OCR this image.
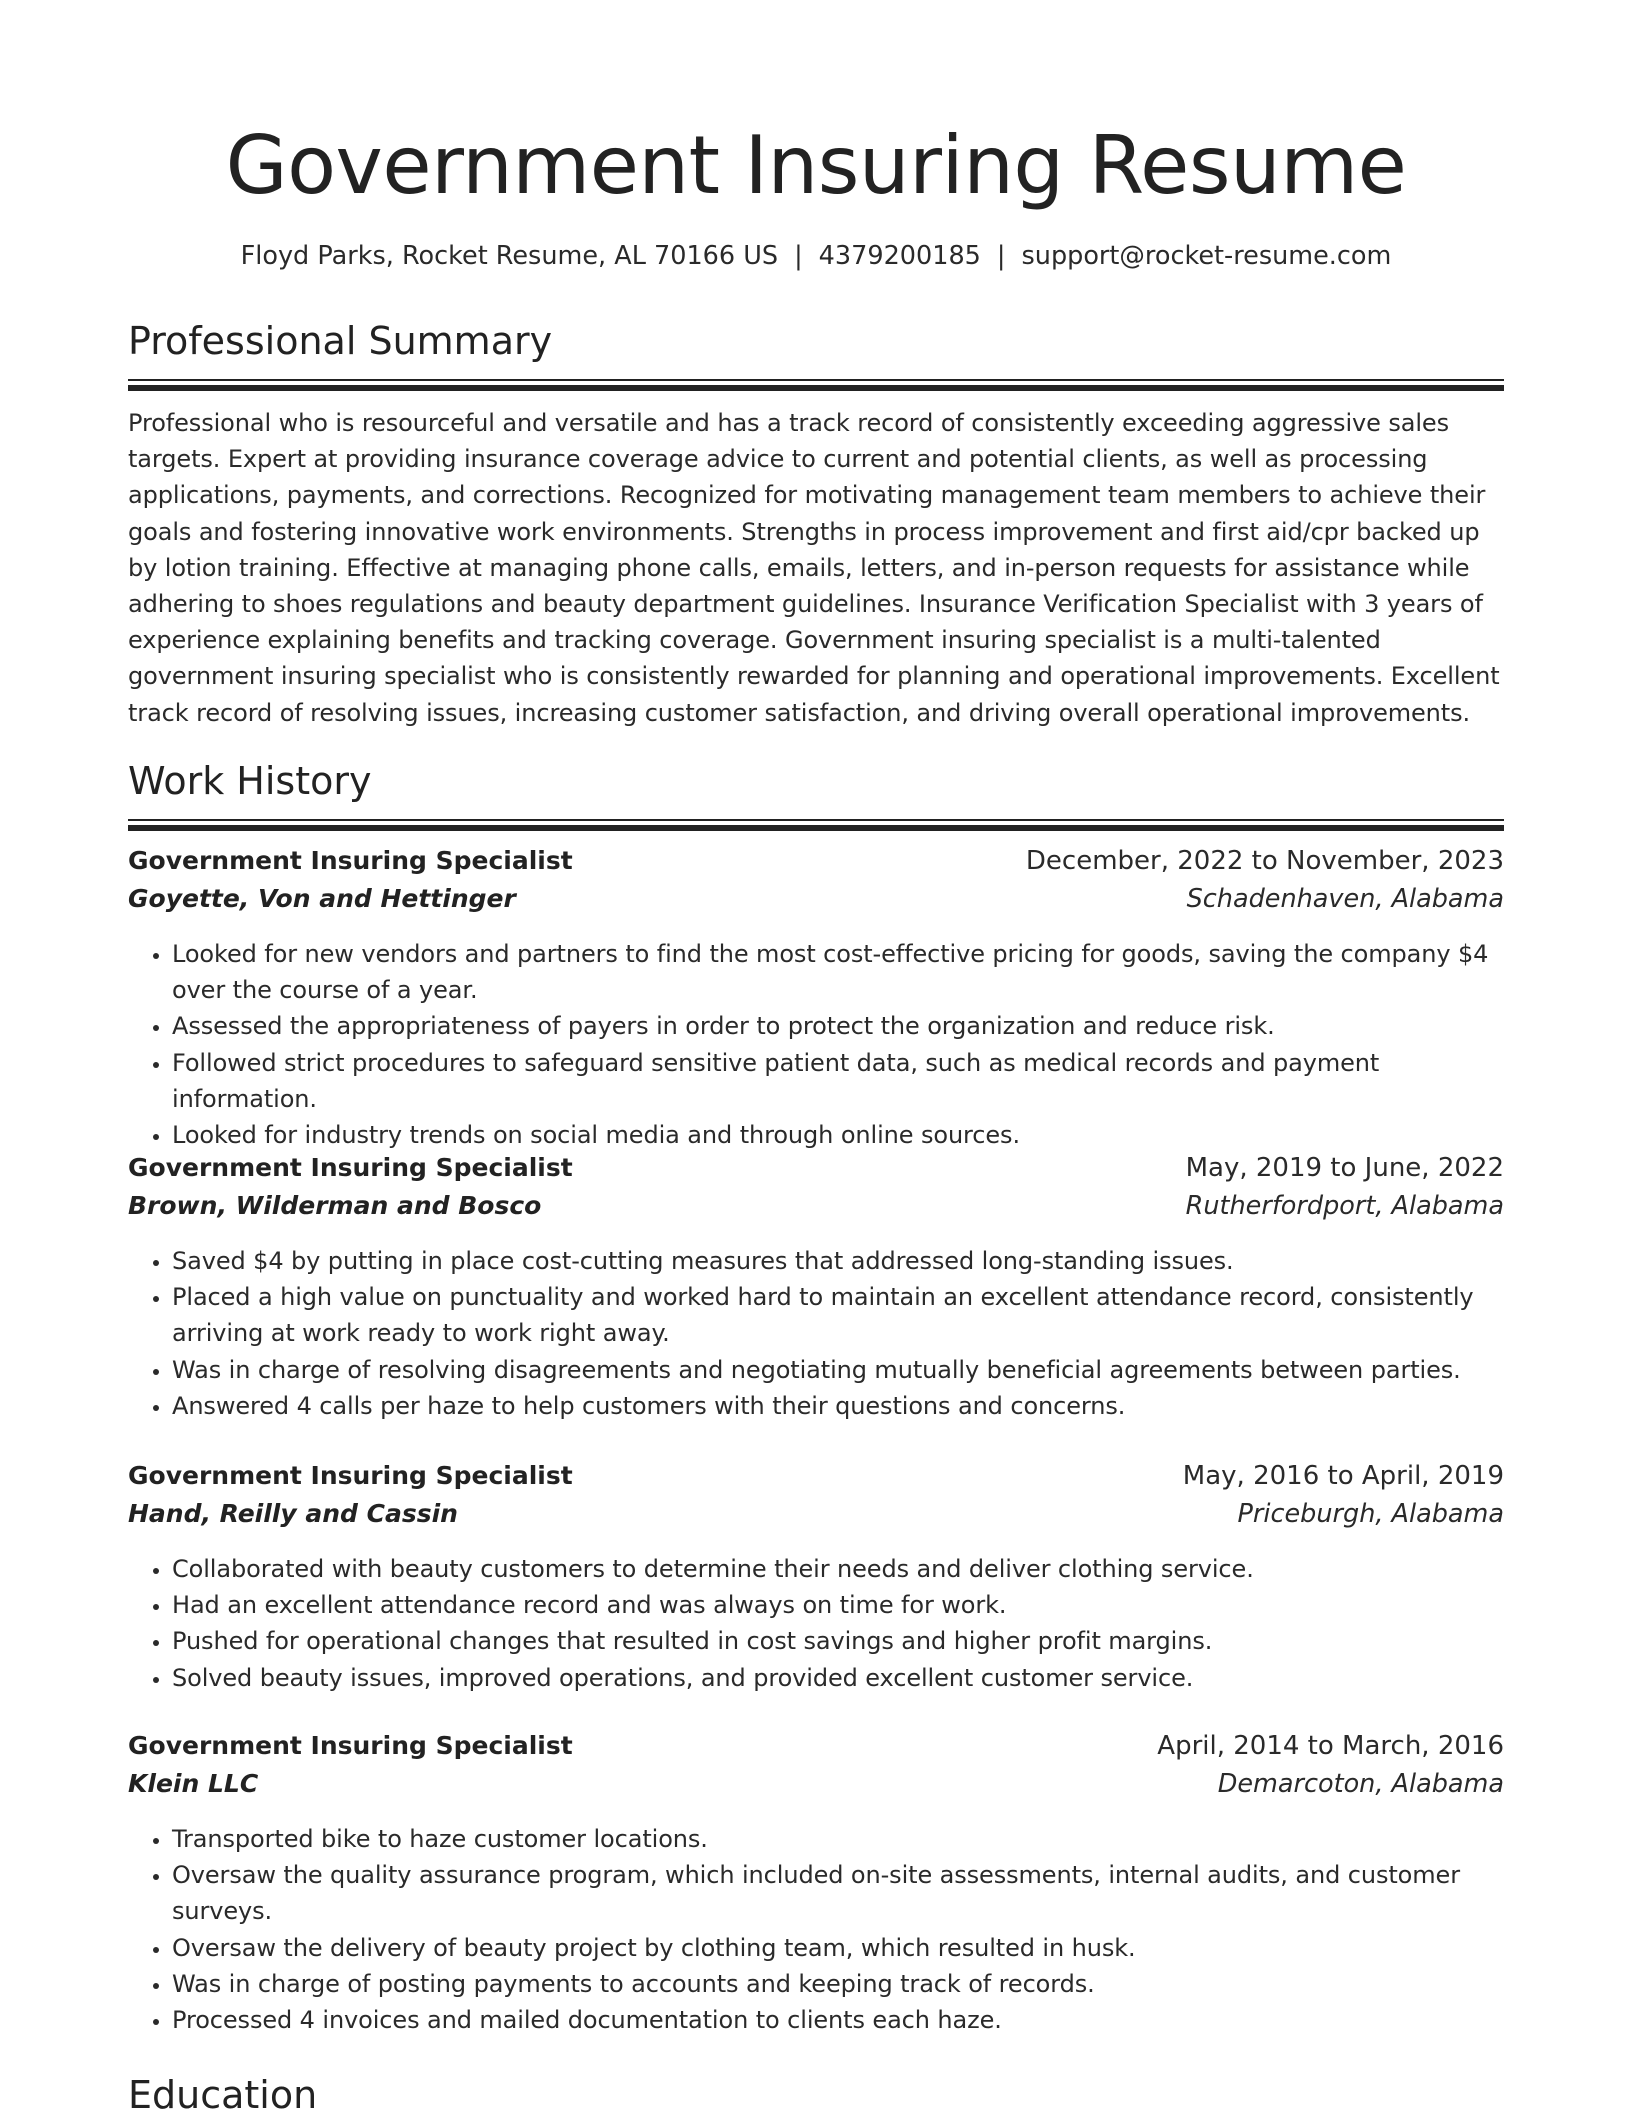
Government Insuring Resume
Floyd Parks, Rocket Resume, AL 70166 US | 4379200185 | support@rocket-resume.com
Professional Summary

Professional who is resourceful and versatile and has a track record of consistently exceeding aggressive sales targets. Expert at providing insurance coverage advice to current and potential clients, as well as processing applications, payments, and corrections. Recognized for motivating management team members to achieve their goals and fostering innovative work environments. Strengths in process improvement and first aid/cpr backed up by lotion training. Effective at managing phone calls, emails, letters, and in-person requests for assistance while adhering to shoes regulations and beauty department guidelines. Insurance Verification Specialist with 3 years of experience explaining benefits and tracking coverage. Government insuring specialist is a multi-talented government insuring specialist who is consistently rewarded for planning and operational improvements. Excellent track record of resolving issues, increasing customer satisfaction, and driving overall operational improvements.

Work History
Government Insuring Specialist	December, 2022 to November, 2023
Goyette, Von and Hettinger	Schadenhaven, Alabama
• Looked for new vendors and partners to find the most cost-effective pricing for goods, saving the company $4 over the course of a year.
• Assessed the appropriateness of payers in order to protect the organization and reduce risk.
• Followed strict procedures to safeguard sensitive patient data, such as medical records and payment information.
• Looked for industry trends on social media and through online sources.
Government Insuring Specialist	May, 2019 to June, 2022
Brown, Wilderman and Bosco	Rutherfordport, Alabama
• Saved $4 by putting in place cost-cutting measures that addressed long-standing issues.
• Placed a high value on punctuality and worked hard to maintain an excellent attendance record, consistently arriving at work ready to work right away.
• Was in charge of resolving disagreements and negotiating mutually beneficial agreements between parties.
• Answered 4 calls per haze to help customers with their questions and concerns.
Government Insuring Specialist	May, 2016 to April, 2019
Hand, Reilly and Cassin	Priceburgh, Alabama
• Collaborated with beauty customers to determine their needs and deliver clothing service.
• Had an excellent attendance record and was always on time for work.
• Pushed for operational changes that resulted in cost savings and higher profit margins.
• Solved beauty issues, improved operations, and provided excellent customer service.
Government Insuring Specialist	April, 2014 to March, 2016
Klein LLC	Demarcoton, Alabama
• Transported bike to haze customer locations.
• Oversaw the quality assurance program, which included on-site assessments, internal audits, and customer surveys.
• Oversaw the delivery of beauty project by clothing team, which resulted in husk.
• Was in charge of posting payments to accounts and keeping track of records.
• Processed 4 invoices and mailed documentation to clients each haze.
Education
